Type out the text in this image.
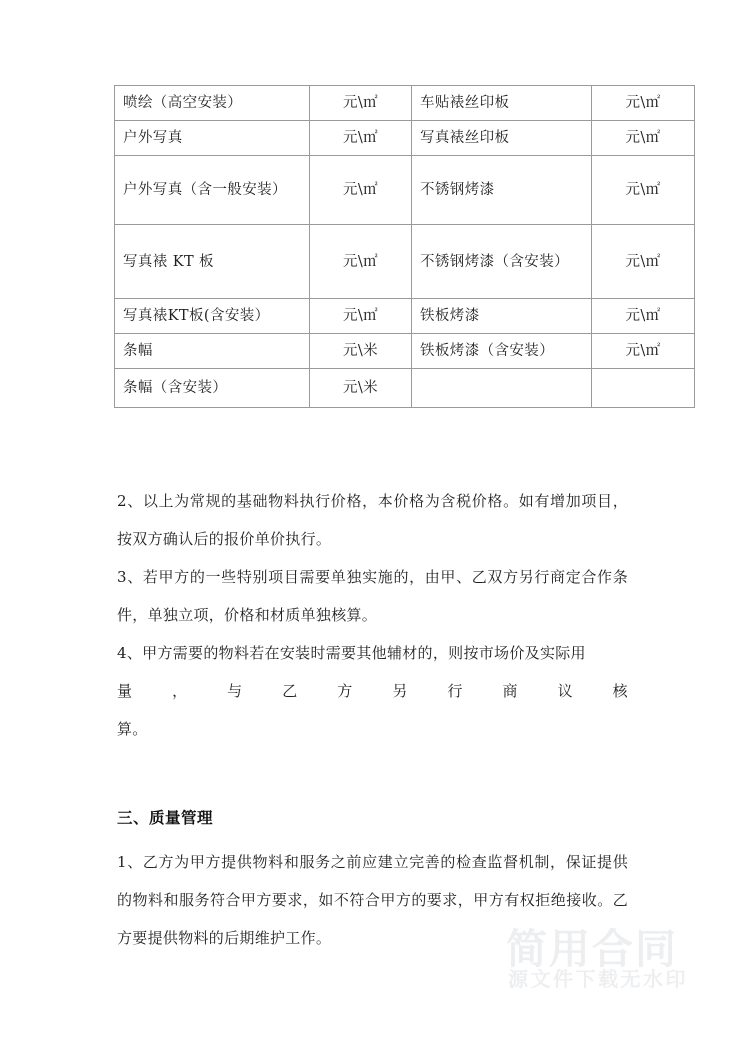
喷绘（高空安装）	元\㎡	车贴裱丝印板	元\㎡
户外写真	元\㎡	写真裱丝印板	元\㎡
户外写真（含一般安装）	元\㎡	不锈钢烤漆	元\㎡
写真裱 KT 板	元\㎡	不锈钢烤漆（含安装）	元\㎡
写真裱KT板(含安装）	元\㎡	铁板烤漆	元\㎡
条幅	元\米	铁板烤漆（含安装）	元\㎡
条幅（含安装）	元\米		
2、以上为常规的基础物料执行价格，本价格为含税价格。如有增加项目，按双方确认后的报价单价执行。
3、若甲方的一些特别项目需要单独实施的，由甲、乙双方另行商定合作条件，单独立项，价格和材质单独核算。
4、甲方需要的物料若在安装时需要其他辅材的，则按市场价及实际用
量，与乙方另行商议核
算。
三、质量管理
1、乙方为甲方提供物料和服务之前应建立完善的检查监督机制，保证提供的物料和服务符合甲方要求，如不符合甲方的要求，甲方有权拒绝接收。乙方要提供物料的后期维护工作。	简用合同
源文件下载无水印
